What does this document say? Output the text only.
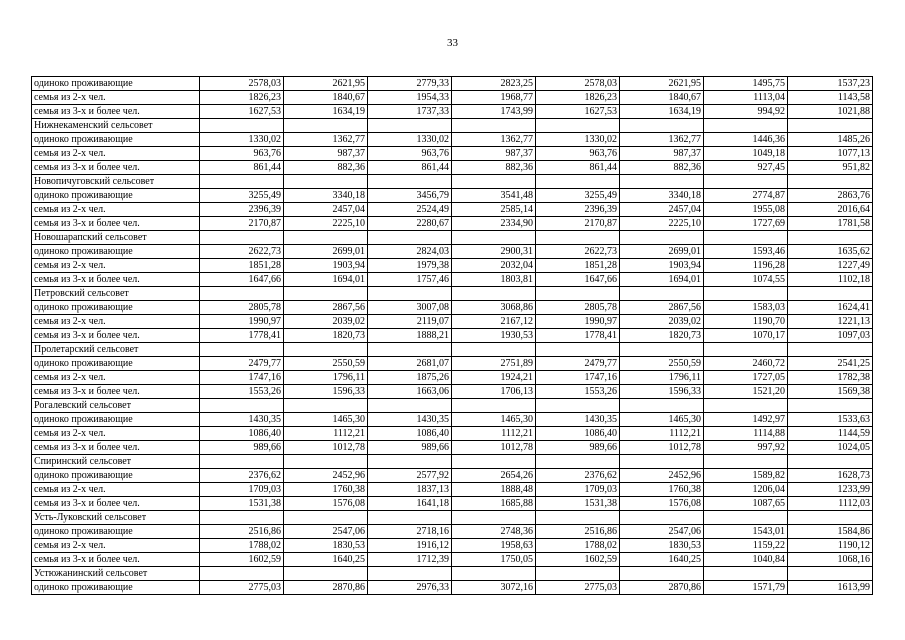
33
одиноко проживающие	2578,03	2621,95	2779,33	2823,25	2578,03	2621,95	1495,75	1537,23
семья из 2-х чел.	1826,23	1840,67	1954,33	1968,77	1826,23	1840,67	1113,04	1143,58
семья из 3-х и более чел.	1627,53	1634,19	1737,33	1743,99	1627,53	1634,19	994,92	1021,88
Нижнекаменский сельсовет								
одиноко проживающие	1330,02	1362,77	1330,02	1362,77	1330,02	1362,77	1446,36	1485,26
семья из 2-х чел.	963,76	987,37	963,76	987,37	963,76	987,37	1049,18	1077,13
семья из 3-х и более чел.	861,44	882,36	861,44	882,36	861,44	882,36	927,45	951,82
Новопичуговский сельсовет								
одиноко проживающие	3255,49	3340,18	3456,79	3541,48	3255,49	3340,18	2774,87	2863,76
семья из 2-х чел.	2396,39	2457,04	2524,49	2585,14	2396,39	2457,04	1955,08	2016,64
семья из 3-х и более чел.	2170,87	2225,10	2280,67	2334,90	2170,87	2225,10	1727,69	1781,58
Новошарапский сельсовет								
одиноко проживающие	2622,73	2699,01	2824,03	2900,31	2622,73	2699,01	1593,46	1635,62
семья из 2-х чел.	1851,28	1903,94	1979,38	2032,04	1851,28	1903,94	1196,28	1227,49
семья из 3-х и более чел.	1647,66	1694,01	1757,46	1803,81	1647,66	1694,01	1074,55	1102,18
Петровский сельсовет								
одиноко проживающие	2805,78	2867,56	3007,08	3068,86	2805,78	2867,56	1583,03	1624,41
семья из 2-х чел.	1990,97	2039,02	2119,07	2167,12	1990,97	2039,02	1190,70	1221,13
семья из 3-х и более чел.	1778,41	1820,73	1888,21	1930,53	1778,41	1820,73	1070,17	1097,03
Пролетарский сельсовет								
одиноко проживающие	2479,77	2550,59	2681,07	2751,89	2479,77	2550,59	2460,72	2541,25
семья из 2-х чел.	1747,16	1796,11	1875,26	1924,21	1747,16	1796,11	1727,05	1782,38
семья из 3-х и более чел.	1553,26	1596,33	1663,06	1706,13	1553,26	1596,33	1521,20	1569,38
Рогалевский сельсовет								
одиноко проживающие	1430,35	1465,30	1430,35	1465,30	1430,35	1465,30	1492,97	1533,63
семья из 2-х чел.	1086,40	1112,21	1086,40	1112,21	1086,40	1112,21	1114,88	1144,59
семья из 3-х и более чел.	989,66	1012,78	989,66	1012,78	989,66	1012,78	997,92	1024,05
Спиринский сельсовет								
одиноко проживающие	2376,62	2452,96	2577,92	2654,26	2376,62	2452,96	1589,82	1628,73
семья из 2-х чел.	1709,03	1760,38	1837,13	1888,48	1709,03	1760,38	1206,04	1233,99
семья из 3-х и более чел.	1531,38	1576,08	1641,18	1685,88	1531,38	1576,08	1087,65	1112,03
Усть-Луковский сельсовет								
одиноко проживающие	2516,86	2547,06	2718,16	2748,36	2516,86	2547,06	1543,01	1584,86
семья из 2-х чел.	1788,02	1830,53	1916,12	1958,63	1788,02	1830,53	1159,22	1190,12
семья из 3-х и более чел.	1602,59	1640,25	1712,39	1750,05	1602,59	1640,25	1040,84	1068,16
Устюжанинский сельсовет								
одиноко проживающие	2775,03	2870,86	2976,33	3072,16	2775,03	2870,86	1571,79	1613,99
